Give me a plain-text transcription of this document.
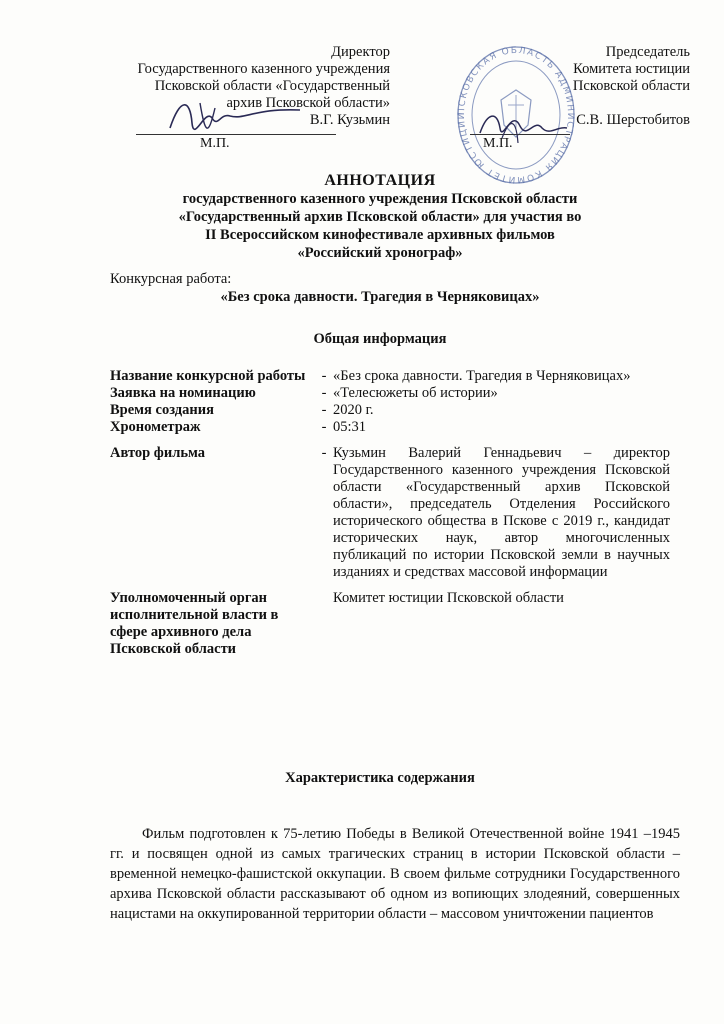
Директор
Государственного казенного учреждения
Псковской области «Государственный
архив Псковской области»
В.Г. Кузьмин
М.П.
ПСКОВСКАЯ ОБЛАСТЬ АДМИНИСТРАЦИЯ КОМИТЕТ ЮСТИЦИИ
Председатель
Комитета юстиции
Псковской области
С.В. Шерстобитов
М.П.
АННОТАЦИЯ
государственного казенного учреждения Псковской области
«Государственный архив Псковской области» для участия во
II Всероссийском кинофестивале архивных фильмов
«Российский хронограф»
Конкурсная работа:
«Без срока давности. Трагедия в Черняковицах»
Общая информация
Название конкурсной работы	-	«Без срока давности. Трагедия в Черняковицах»
Заявка на номинацию	-	«Телесюжеты об истории»
Время создания	-	2020 г.
Хронометраж	-	05:31

Автор фильма	-	Кузьмин Валерий Геннадьевич – директор Государственного казенного учреждения Псковской области «Государственный архив Псковской области», председатель Отделения Российского исторического общества в Пскове с 2019 г., кандидат исторических наук, автор многочисленных публикаций по истории Псковской земли в научных изданиях и средствах массовой информации

Уполномоченный орган исполнительной власти в сфере архивного дела Псковской области		Комитет юстиции Псковской области
Характеристика содержания
Фильм подготовлен к 75-летию Победы в Великой Отечественной войне 1941 –1945 гг. и посвящен одной из самых трагических страниц в истории Псковской области – временной немецко-фашистской оккупации. В своем фильме сотрудники Государственного архива Псковской области рассказывают об одном из вопиющих злодеяний, совершенных нацистами на оккупированной территории области – массовом уничтожении пациентов
